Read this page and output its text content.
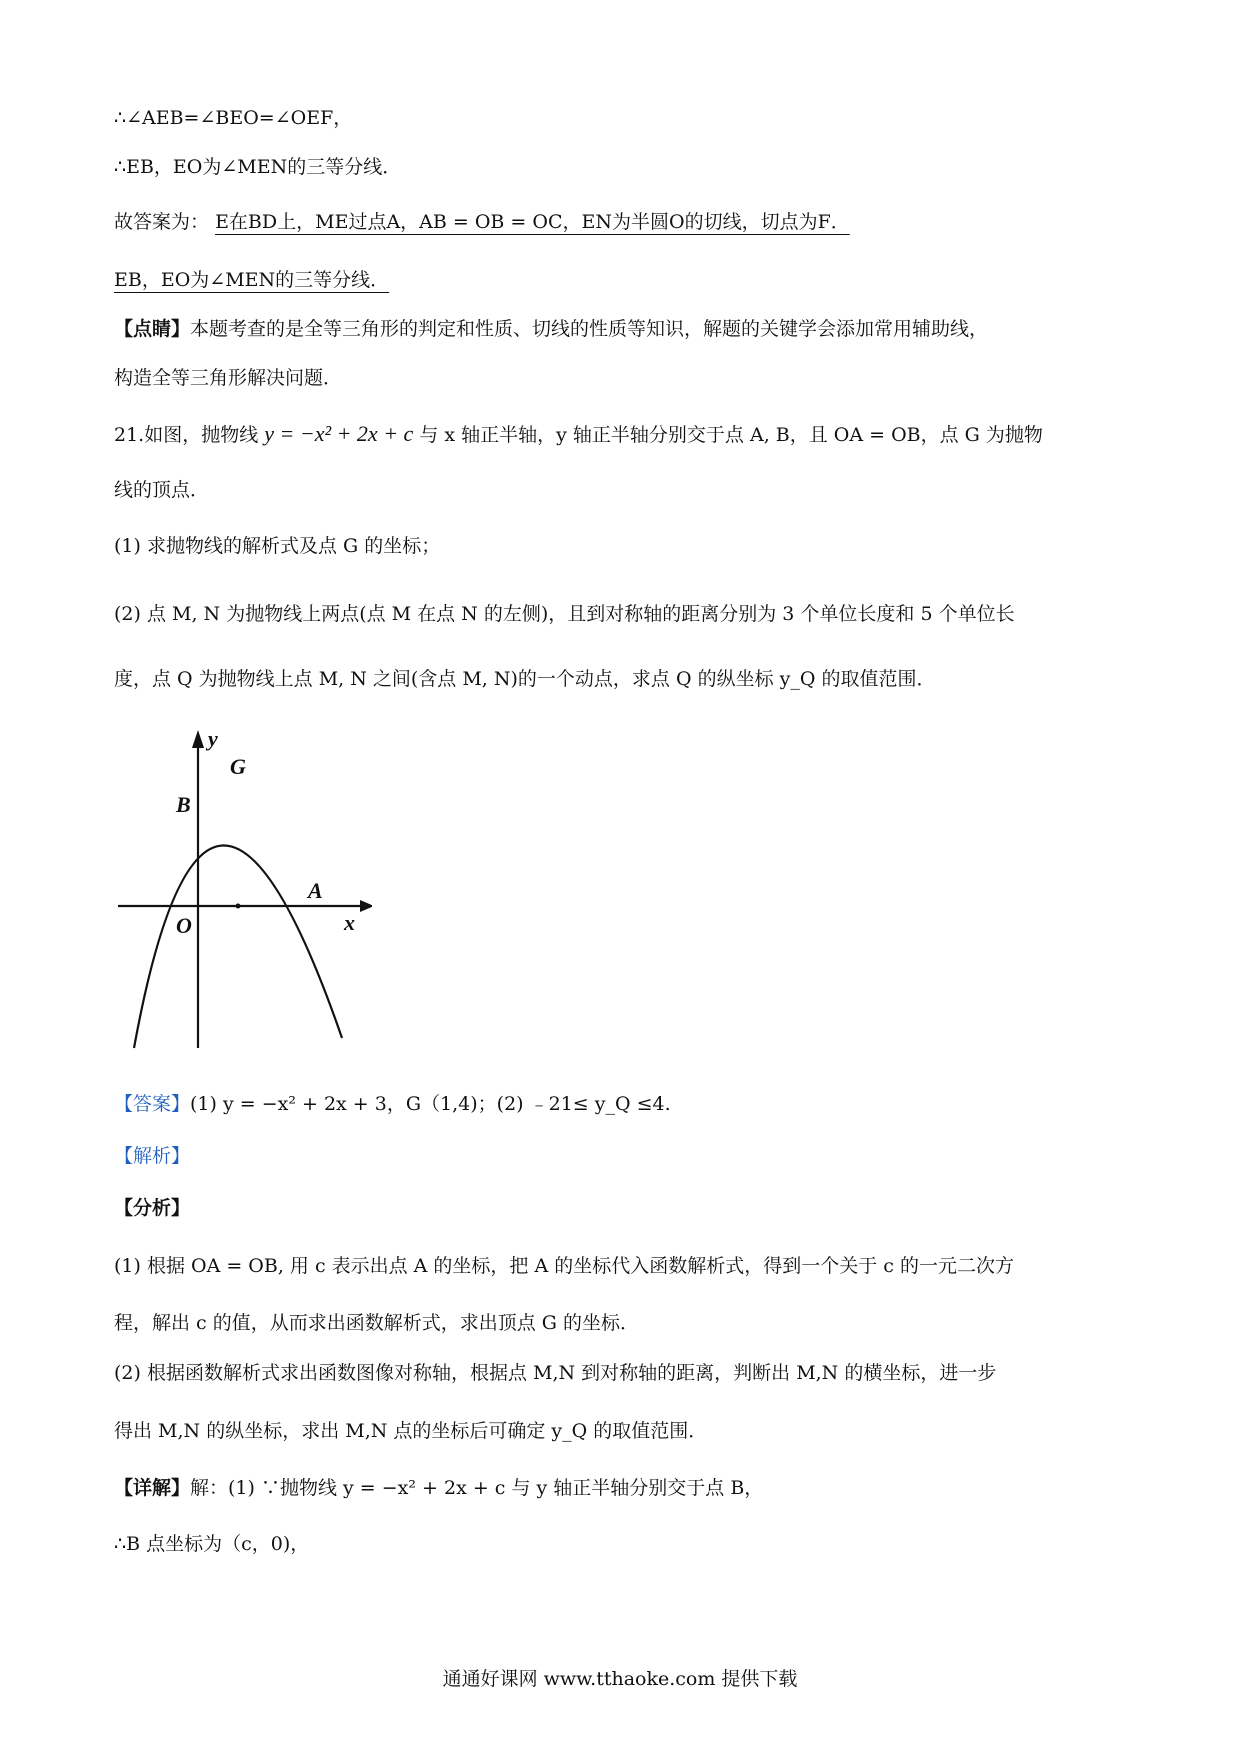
∴∠AEB=∠BEO=∠OEF，
∴EB，EO为∠MEN的三等分线．
故答案为： E在BD上，ME过点A，AB = OB = OC，EN为半圆O的切线，切点为F．
EB，EO为∠MEN的三等分线．
【点睛】本题考查的是全等三角形的判定和性质、切线的性质等知识，解题的关键学会添加常用辅助线，
构造全等三角形解决问题．
21.如图，抛物线 y = −x² + 2x + c 与 x 轴正半轴，y 轴正半轴分别交于点 A, B，且 OA = OB，点 G 为抛物
线的顶点．
(1) 求抛物线的解析式及点 G 的坐标；
(2) 点 M, N 为抛物线上两点(点 M 在点 N 的左侧)，且到对称轴的距离分别为 3 个单位长度和 5 个单位长
度，点 Q 为抛物线上点 M, N 之间(含点 M, N)的一个动点，求点 Q 的纵坐标 y_Q 的取值范围．
y
G
B
O
A
x
【答案】(1) y = −x² + 2x + 3，G（1,4)；(2) ﹣21≤ y_Q ≤4.
【解析】
【分析】
(1) 根据 OA = OB, 用 c 表示出点 A 的坐标，把 A 的坐标代入函数解析式，得到一个关于 c 的一元二次方
程，解出 c 的值，从而求出函数解析式，求出顶点 G 的坐标．
(2) 根据函数解析式求出函数图像对称轴，根据点 M,N 到对称轴的距离，判断出 M,N 的横坐标，进一步
得出 M,N 的纵坐标，求出 M,N 点的坐标后可确定 y_Q 的取值范围．
【详解】解：(1) ∵抛物线 y = −x² + 2x + c 与 y 轴正半轴分别交于点 B，
∴B 点坐标为（c，0)，
通通好课网 www.tthaoke.com 提供下载
